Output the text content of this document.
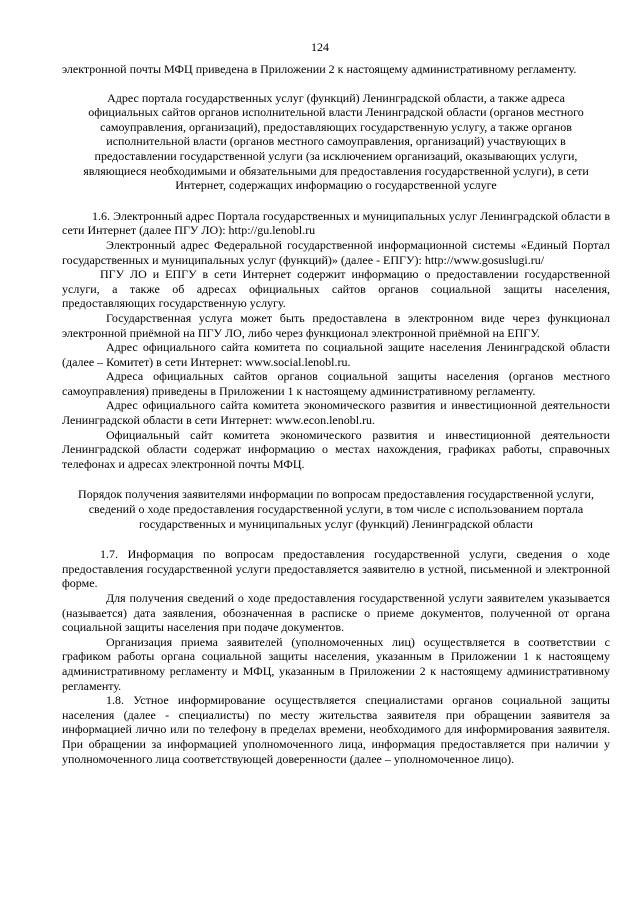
124

электронной почты МФЦ приведена в Приложении 2 к настоящему административному регламенту.

Адрес портала государственных услуг (функций) Ленинградской области, а также адреса официальных сайтов органов исполнительной власти Ленинградской области (органов местного самоуправления, организаций), предоставляющих государственную услугу, а также органов исполнительной власти (органов местного самоуправления, организаций) участвующих в предоставлении государственной услуги (за исключением организаций, оказывающих услуги, являющиеся необходимыми и обязательными для предоставления государственной услуги), в сети Интернет, содержащих информацию о государственной услуге

1.6. Электронный адрес Портала государственных и муниципальных услуг Ленинградской области в сети Интернет (далее ПГУ ЛО): http://gu.lenobl.ru

Электронный адрес Федеральной государственной информационной системы «Единый Портал государственных и муниципальных услуг (функций)» (далее - ЕПГУ): http://www.gosuslugi.ru/

ПГУ ЛО и ЕПГУ в сети Интернет содержит информацию о предоставлении государственной услуги, а также об адресах официальных сайтов органов социальной защиты населения, предоставляющих государственную услугу.

Государственная услуга может быть предоставлена в электронном виде через функционал электронной приёмной на ПГУ ЛО, либо через функционал электронной приёмной на ЕПГУ.

Адрес официального сайта комитета по социальной защите населения Ленинградской области (далее – Комитет) в сети Интернет: www.social.lenobl.ru.

Адреса официальных сайтов органов социальной защиты населения (органов местного самоуправления) приведены в Приложении 1 к настоящему административному регламенту.

Адрес официального сайта комитета экономического развития и инвестиционной деятельности Ленинградской области в сети Интернет: www.econ.lenobl.ru.

Официальный сайт комитета экономического развития и инвестиционной деятельности Ленинградской области содержат информацию о местах нахождения, графиках работы, справочных телефонах и адресах электронной почты МФЦ.

Порядок получения заявителями информации по вопросам предоставления государственной услуги, сведений о ходе предоставления государственной услуги, в том числе с использованием портала государственных и муниципальных услуг (функций) Ленинградской области

1.7. Информация по вопросам предоставления государственной услуги, сведения о ходе предоставления государственной услуги предоставляется заявителю в устной, письменной и электронной форме.

Для получения сведений о ходе предоставления государственной услуги заявителем указывается (называется) дата заявления, обозначенная в расписке о приеме документов, полученной от органа социальной защиты населения при подаче документов.

Организация приема заявителей (уполномоченных лиц) осуществляется в соответствии с графиком работы органа социальной защиты населения, указанным в Приложении 1 к настоящему административному регламенту и МФЦ, указанным в Приложении 2 к настоящему административному регламенту.

1.8. Устное информирование осуществляется специалистами органов социальной защиты населения (далее - специалисты) по месту жительства заявителя при обращении заявителя за информацией лично или по телефону в пределах времени, необходимого для информирования заявителя. При обращении за информацией уполномоченного лица, информация предоставляется при наличии у уполномоченного лица соответствующей доверенности (далее – уполномоченное лицо).
